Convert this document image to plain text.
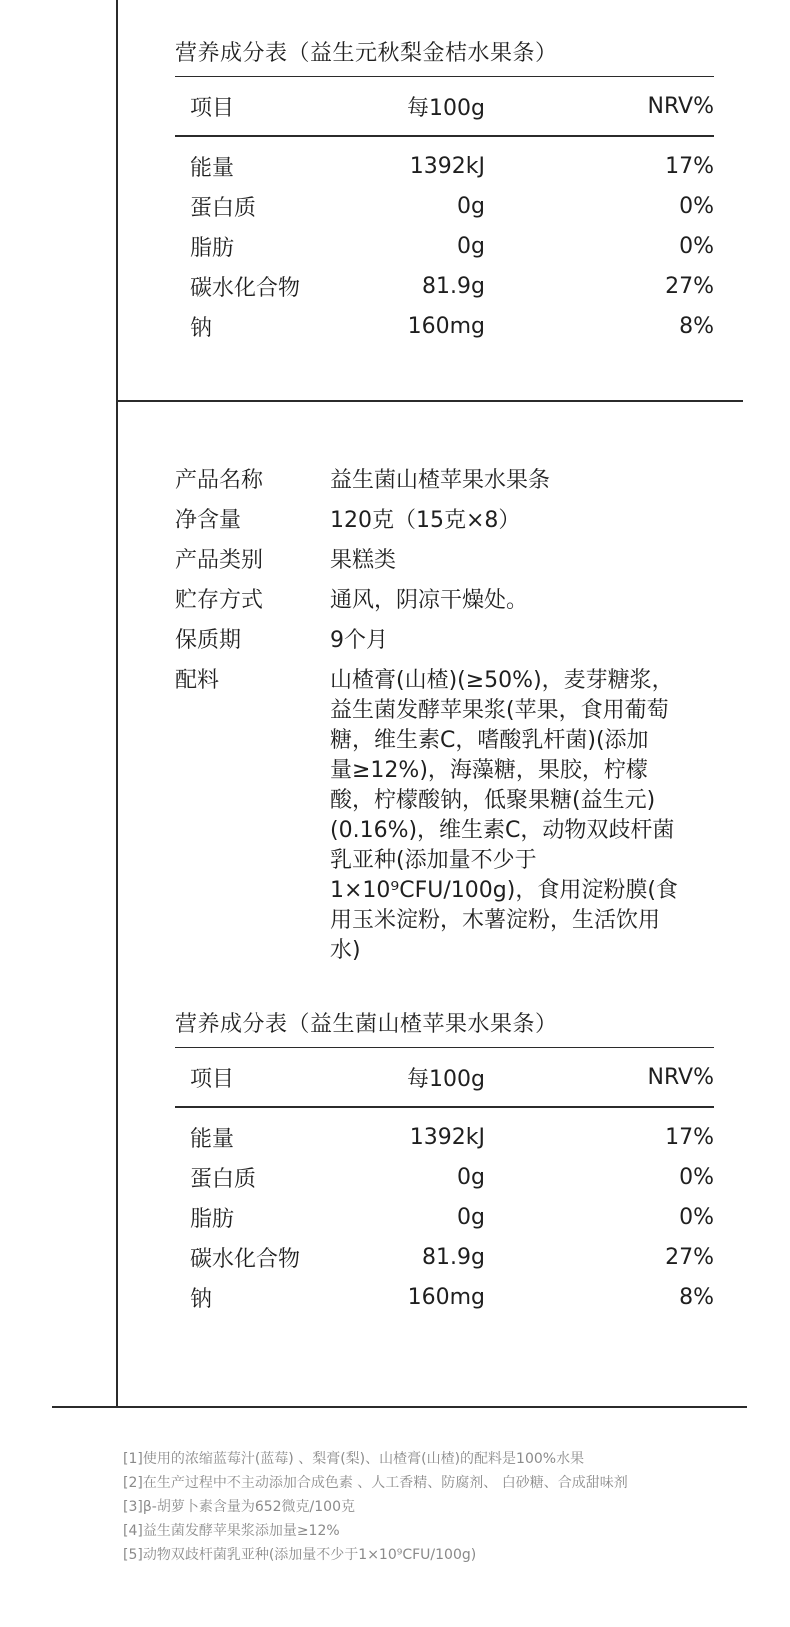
营养成分表（益生元秋梨金桔水果条）
项目	每100g	NRV%
能量	1392kJ	17%
蛋白质	0g	0%
脂肪	0g	0%
碳水化合物	81.9g	27%
钠	160mg	8%
产品名称	益生菌山楂苹果水果条
净含量	120克（15克×8）
产品类别	果糕类
贮存方式	通风，阴凉干燥处。
保质期	9个月
配料	山楂膏(山楂)(≥50%)，麦芽糖浆，
益生菌发酵苹果浆(苹果，食用葡萄
糖，维生素C，嗜酸乳杆菌)(添加
量≥12%)，海藻糖，果胶，柠檬
酸，柠檬酸钠，低聚果糖(益生元)
(0.16%)，维生素C，动物双歧杆菌
乳亚种(添加量不少于
1×10⁹CFU/100g)，食用淀粉膜(食
用玉米淀粉，木薯淀粉，生活饮用
水)
营养成分表（益生菌山楂苹果水果条）
项目	每100g	NRV%
能量	1392kJ	17%
蛋白质	0g	0%
脂肪	0g	0%
碳水化合物	81.9g	27%
钠	160mg	8%
[1]使用的浓缩蓝莓汁(蓝莓) 、梨膏(梨)、山楂膏(山楂)的配料是100%水果
[2]在生产过程中不主动添加合成色素 、人工香精、防腐剂、 白砂糖、合成甜味剂
[3]β-胡萝卜素含量为652微克/100克
[4]益生菌发酵苹果浆添加量≥12%
[5]动物双歧杆菌乳亚种(添加量不少于1×10⁹CFU/100g)
